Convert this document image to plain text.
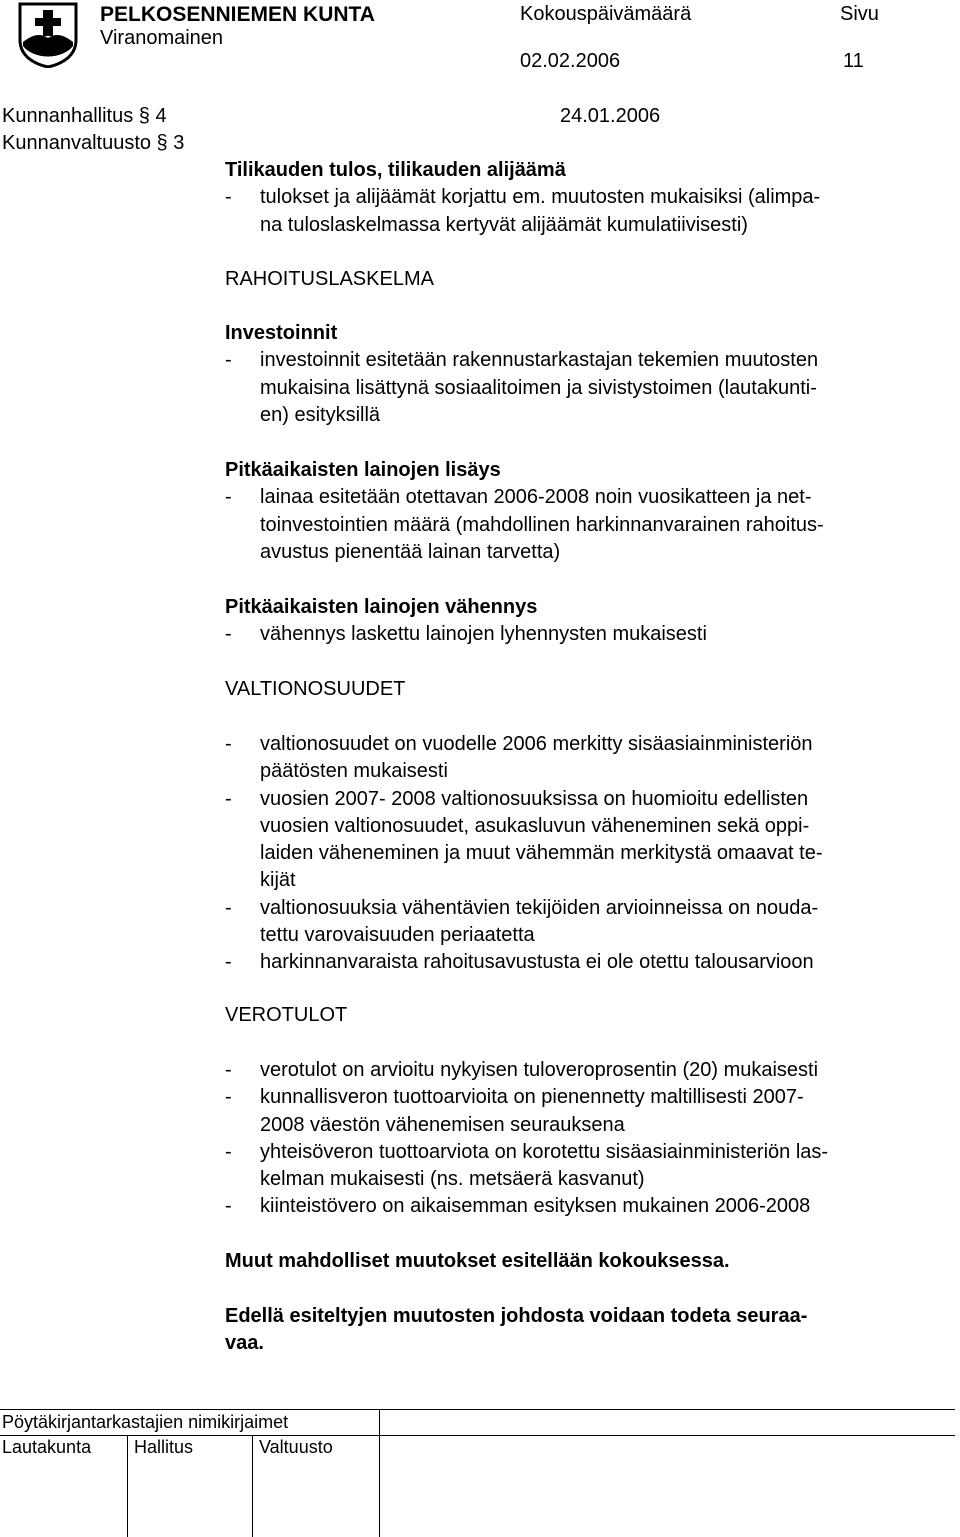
PELKOSENNIEMEN KUNTA
Viranomainen
Kokouspäivämäärä	Sivu
02.02.2006	11
Kunnanhallitus § 4	24.01.2006
Kunnanvaltuusto § 3
Tilikauden tulos, tilikauden alijäämä
- tulokset ja alijäämät korjattu em. muutosten mukaisiksi (alimpa-
na tuloslaskelmassa kertyvät alijäämät kumulatiivisesti)
RAHOITUSLASKELMA
Investoinnit
- investoinnit esitetään rakennustarkastajan tekemien muutosten
mukaisina lisättynä sosiaalitoimen ja sivistystoimen (lautakunti-
en) esityksillä
Pitkäaikaisten lainojen lisäys
- lainaa esitetään otettavan 2006-2008 noin vuosikatteen ja net-
toinvestointien määrä (mahdollinen harkinnanvarainen rahoitus-
avustus pienentää lainan tarvetta)
Pitkäaikaisten lainojen vähennys
- vähennys laskettu lainojen lyhennysten mukaisesti
VALTIONOSUUDET
- valtionosuudet on vuodelle 2006 merkitty sisäasiainministeriön
päätösten mukaisesti
- vuosien 2007- 2008 valtionosuuksissa on huomioitu edellisten
vuosien valtionosuudet, asukasluvun väheneminen sekä oppi-
laiden väheneminen ja muut vähemmän merkitystä omaavat te-
kijät
- valtionosuuksia vähentävien tekijöiden arvioinneissa on nouda-
tettu varovaisuuden periaatetta
- harkinnanvaraista rahoitusavustusta ei ole otettu talousarvioon
VEROTULOT
- verotulot on arvioitu nykyisen tuloveroprosentin (20) mukaisesti
- kunnallisveron tuottoarvioita on pienennetty maltillisesti 2007-
2008 väestön vähenemisen seurauksena
- yhteisöveron tuottoarviota on korotettu sisäasiainministeriön las-
kelman mukaisesti (ns. metsäerä kasvanut)
- kiinteistövero on aikaisemman esityksen mukainen 2006-2008
Muut mahdolliset muutokset esitellään kokouksessa.
Edellä esiteltyjen muutosten johdosta voidaan todeta seuraa-
vaa.
Pöytäkirjantarkastajien nimikirjaimet
Lautakunta Hallitus	Valtuusto
